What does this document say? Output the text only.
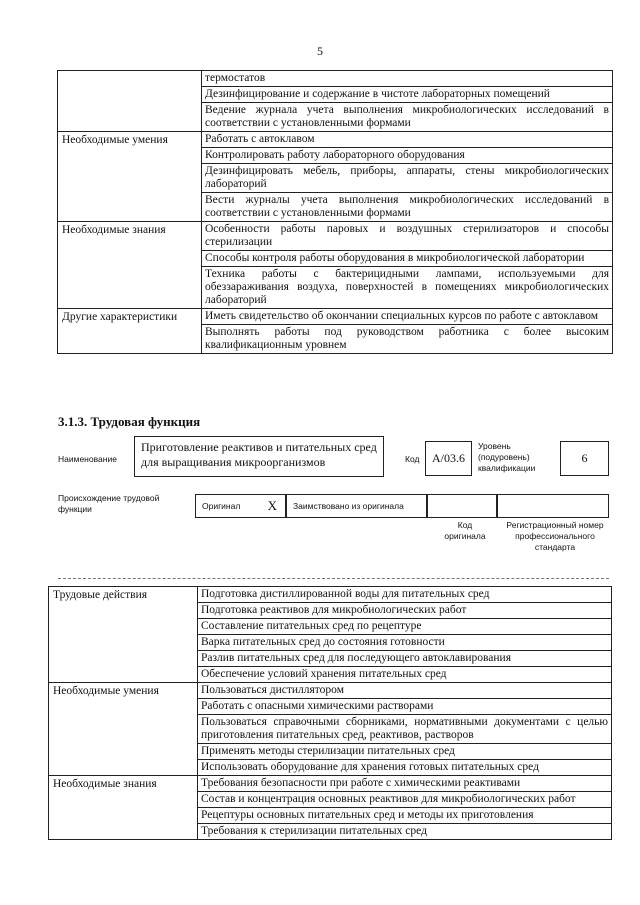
5
	термостатов
	Дезинфицирование и содержание в чистоте лабораторных помещений
	Ведение журнала учета выполнения микробиологических исследований в соответствии с установленными формами
Необходимые умения	Работать с автоклавом
	Контролировать работу лабораторного оборудования
	Дезинфицировать мебель, приборы, аппараты, стены микробиологических лабораторий
	Вести журналы учета выполнения микробиологических исследований в соответствии с установленными формами
Необходимые знания	Особенности работы паровых и воздушных стерилизаторов и способы стерилизации
	Способы контроля работы оборудования в микробиологической лаборатории
	Техника работы с бактерицидными лампами, используемыми для обеззараживания воздуха, поверхностей в помещениях микробиологических лабораторий
Другие характеристики	Иметь свидетельство об окончании специальных курсов по работе с автоклавом
	Выполнять работы под руководством работника с более высоким квалификационным уровнем
3.1.3. Трудовая функция
Наименование
Приготовление реактивов и питательных сред для выращивания микроорганизмов	Код	A/03.6
Уровень (подуровень) квалификации
6
Происхождение трудовой функции	Оригинал X Заимствовано из оригинала
Код оригинала
Регистрационный номер профессионального стандарта
Трудовые действия	Подготовка дистиллированной воды для питательных сред
	Подготовка реактивов для микробиологических работ
	Составление питательных сред по рецептуре
	Варка питательных сред до состояния готовности
	Разлив питательных сред для последующего автоклавирования
	Обеспечение условий хранения питательных сред
Необходимые умения	Пользоваться дистиллятором
	Работать с опасными химическими растворами
	Пользоваться справочными сборниками, нормативными документами с целью приготовления питательных сред, реактивов, растворов
	Применять методы стерилизации питательных сред
	Использовать оборудование для хранения готовых питательных сред
Необходимые знания	Требования безопасности при работе с химическими реактивами
	Состав и концентрация основных реактивов для микробиологических работ
	Рецептуры основных питательных сред и методы их приготовления
	Требования к стерилизации питательных сред
